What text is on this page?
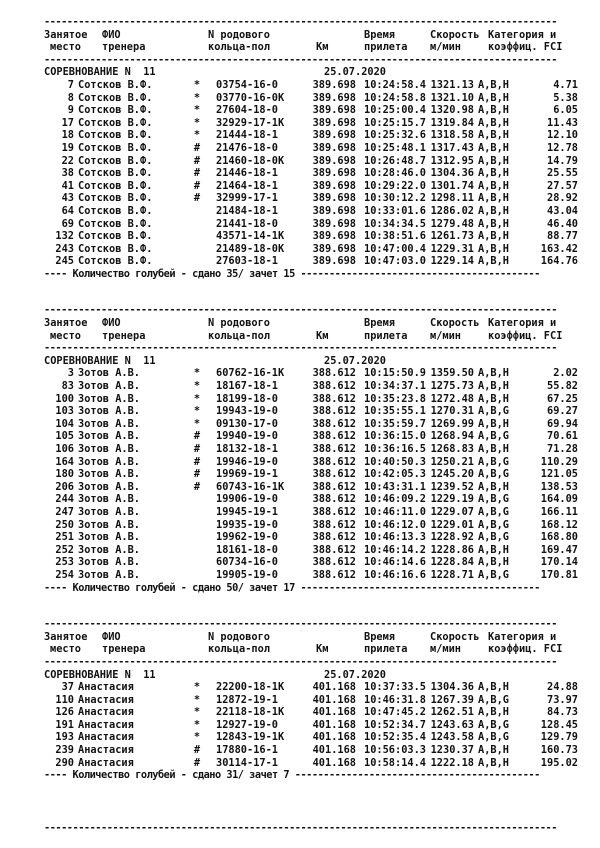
------------------------------------------------------------------------------------------
Занятое	ФИО	N родового	Время	Скорость Категория и
место	тренера	кольца-пол	Км	прилета	м/мин	коэффиц. FCI
------------------------------------------------------------------------------------------
СОРЕВНОВАНИЕ N  11	25.07.2020
7 Сотсков В.Ф.	*	03754-16-0	389.698 10:24:58.4 1321.13 A,B,H	4.71
8 Сотсков В.Ф.	*	03770-16-0К	389.698 10:24:58.8 1321.10 A,B,H	5.38
9 Сотсков В.Ф.	*	27604-18-0	389.698 10:25:00.4 1320.98 A,B,H	6.05
17 Сотсков В.Ф.	*	32929-17-1К	389.698 10:25:15.7 1319.84 A,B,H	11.43
18 Сотсков В.Ф.	*	21444-18-1	389.698 10:25:32.6 1318.58 A,B,H	12.10
19 Сотсков В.Ф.	#	21476-18-0	389.698 10:25:48.1 1317.43 A,B,H	12.78
22 Сотсков В.Ф.	#	21460-18-0К	389.698 10:26:48.7 1312.95 A,B,H	14.79
38 Сотсков В.Ф.	#	21446-18-1	389.698 10:28:46.0 1304.36 A,B,H	25.55
41 Сотсков В.Ф.	#	21464-18-1	389.698 10:29:22.0 1301.74 A,B,H	27.57
43 Сотсков В.Ф.	#	32999-17-1	389.698 10:30:12.2 1298.11 A,B,H	28.92
64 Сотсков В.Ф.	21484-18-1	389.698 10:33:01.6 1286.02 A,B,H	43.04
69 Сотсков В.Ф.	21441-18-0	389.698 10:34:34.5 1279.48 A,B,H	46.40
132 Сотсков В.Ф.	43571-14-1К	389.698 10:38:51.6 1261.73 A,B,H	88.77
243 Сотсков В.Ф.	21489-18-0К	389.698 10:47:00.4 1229.31 A,B,H	163.42
245 Сотсков В.Ф.	27603-18-1	389.698 10:47:03.0 1229.14 A,B,H	164.76
---- Количество голубей - сдано 35/ зачет 15 ------------------------------------------
------------------------------------------------------------------------------------------
Занятое	ФИО	N родового	Время	Скорость Категория и
место	тренера	кольца-пол	Км	прилета	м/мин	коэффиц. FCI
------------------------------------------------------------------------------------------
СОРЕВНОВАНИЕ N  11	25.07.2020
3 Зотов А.В.	*	60762-16-1К	388.612 10:15:50.9 1359.50 A,B,H	2.02
83 Зотов А.В.	*	18167-18-1	388.612 10:34:37.1 1275.73 A,B,H	55.82
100 Зотов А.В.	*	18199-18-0	388.612 10:35:23.8 1272.48 A,B,H	67.25
103 Зотов А.В.	*	19943-19-0	388.612 10:35:55.1 1270.31 A,B,G	69.27
104 Зотов А.В.	*	09130-17-0	388.612 10:35:59.7 1269.99 A,B,H	69.94
105 Зотов А.В.	#	19940-19-0	388.612 10:36:15.0 1268.94 A,B,G	70.61
106 Зотов А.В.	#	18132-18-1	388.612 10:36:16.5 1268.83 A,B,H	71.28
164 Зотов А.В.	#	19946-19-0	388.612 10:40:50.3 1250.21 A,B,G	110.29
180 Зотов А.В.	#	19969-19-1	388.612 10:42:05.3 1245.20 A,B,G	121.05
206 Зотов А.В.	#	60743-16-1К	388.612 10:43:31.1 1239.52 A,B,H	138.53
244 Зотов А.В.	19906-19-0	388.612 10:46:09.2 1229.19 A,B,G	164.09
247 Зотов А.В.	19945-19-1	388.612 10:46:11.0 1229.07 A,B,G	166.11
250 Зотов А.В.	19935-19-0	388.612 10:46:12.0 1229.01 A,B,G	168.12
251 Зотов А.В.	19962-19-0	388.612 10:46:13.3 1228.92 A,B,G	168.80
252 Зотов А.В.	18161-18-0	388.612 10:46:14.2 1228.86 A,B,H	169.47
253 Зотов А.В.	60734-16-0	388.612 10:46:14.6 1228.84 A,B,H	170.14
254 Зотов А.В.	19905-19-0	388.612 10:46:16.6 1228.71 A,B,G	170.81
---- Количество голубей - сдано 50/ зачет 17 ------------------------------------------
------------------------------------------------------------------------------------------
Занятое	ФИО	N родового	Время	Скорость Категория и
место	тренера	кольца-пол	Км	прилета	м/мин	коэффиц. FCI
------------------------------------------------------------------------------------------
СОРЕВНОВАНИЕ N  11	25.07.2020
37 Анастасия	*	22200-18-1К	401.168 10:37:33.5 1304.36 A,B,H	24.88
110 Анастасия	*	12872-19-1	401.168 10:46:31.8 1267.39 A,B,G	73.97
126 Анастасия	*	22118-18-1К	401.168 10:47:45.2 1262.51 A,B,H	84.73
191 Анастасия	*	12927-19-0	401.168 10:52:34.7 1243.63 A,B,G	128.45
193 Анастасия	*	12843-19-1К	401.168 10:52:35.4 1243.58 A,B,G	129.79
239 Анастасия	#	17880-16-1	401.168 10:56:03.3 1230.37 A,B,H	160.73
290 Анастасия	#	30114-17-1	401.168 10:58:14.4 1222.18 A,B,H	195.02
---- Количество голубей - сдано 31/ зачет 7 -------------------------------------------
------------------------------------------------------------------------------------------
